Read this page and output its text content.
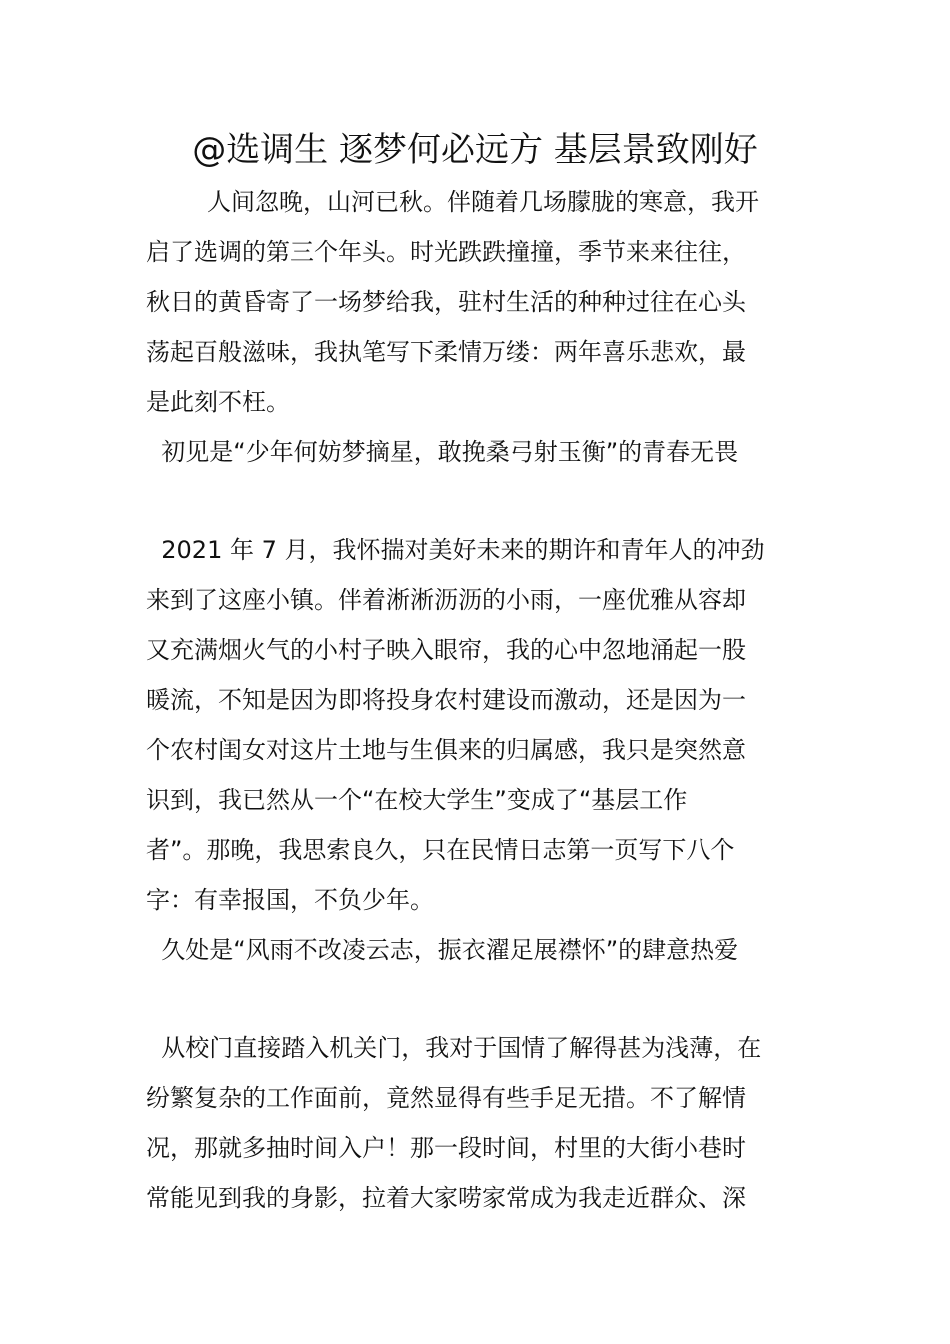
@选调生 逐梦何必远方 基层景致刚好
人间忽晚，山河已秋。伴随着几场朦胧的寒意，我开
启了选调的第三个年头。时光跌跌撞撞，季节来来往往，
秋日的黄昏寄了一场梦给我，驻村生活的种种过往在心头
荡起百般滋味，我执笔写下柔情万缕：两年喜乐悲欢，最
是此刻不枉。
初见是“少年何妨梦摘星，敢挽桑弓射玉衡”的青春无畏
2021 年 7 月，我怀揣对美好未来的期许和青年人的冲劲
来到了这座小镇。伴着淅淅沥沥的小雨，一座优雅从容却
又充满烟火气的小村子映入眼帘，我的心中忽地涌起一股
暖流，不知是因为即将投身农村建设而激动，还是因为一
个农村闺女对这片土地与生俱来的归属感，我只是突然意
识到，我已然从一个“在校大学生”变成了“基层工作
者”。那晚，我思索良久，只在民情日志第一页写下八个
字：有幸报国，不负少年。
久处是“风雨不改凌云志，振衣濯足展襟怀”的肆意热爱
从校门直接踏入机关门，我对于国情了解得甚为浅薄，在
纷繁复杂的工作面前，竟然显得有些手足无措。不了解情
况，那就多抽时间入户！那一段时间，村里的大街小巷时
常能见到我的身影，拉着大家唠家常成为我走近群众、深
